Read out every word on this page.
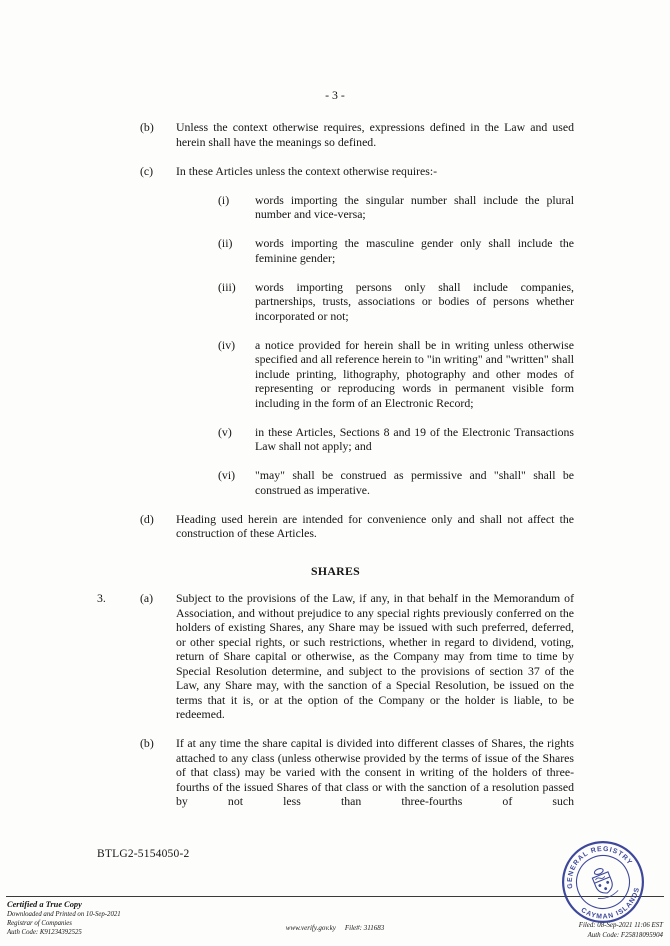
- 3 -
(b)	Unless the context otherwise requires, expressions defined in the Law and used herein shall have the meanings so defined.
(c)	In these Articles unless the context otherwise requires:-

(i)	words importing the singular number shall include the plural number and vice-versa;
(ii)	words importing the masculine gender only shall include the feminine gender;
(iii)	words importing persons only shall include companies, partnerships, trusts, associations or bodies of persons whether incorporated or not;
(iv)	a notice provided for herein shall be in writing unless otherwise specified and all reference herein to "in writing" and "written" shall include printing, lithography, photography and other modes of representing or reproducing words in permanent visible form including in the form of an Electronic Record;
(v)	in these Articles, Sections 8 and 19 of the Electronic Transactions Law shall not apply; and
(vi)	"may" shall be construed as permissive and "shall" shall be construed as imperative.
(d)	Heading used herein are intended for convenience only and shall not affect the construction of these Articles.
SHARES
3.	(a)	Subject to the provisions of the Law, if any, in that behalf in the Memorandum of Association, and without prejudice to any special rights previously conferred on the holders of existing Shares, any Share may be issued with such preferred, deferred, or other special rights, or such restrictions, whether in regard to dividend, voting, return of Share capital or otherwise, as the Company may from time to time by Special Resolution determine, and subject to the provisions of section 37 of the Law, any Share may, with the sanction of a Special Resolution, be issued on the terms that it is, or at the option of the Company or the holder is liable, to be redeemed.
(b)	If at any time the share capital is divided into different classes of Shares, the rights attached to any class (unless otherwise provided by the terms of issue of the Shares of that class) may be varied with the consent in writing of the holders of three-fourths of the issued Shares of that class or with the sanction of a resolution passed by not less than three-fourths of such
BTLG2-5154050-2
Certified a True Copy
Downloaded and Printed on 10-Sep-2021
Registrar of Companies
Auth Code: K91234392525
www.verify.gov.ky File#: 311683	Filed: 08-Sep-2021 11:06 EST
Auth Code: F25818095904
GENERAL REGISTRY
CAYMAN ISLANDS
